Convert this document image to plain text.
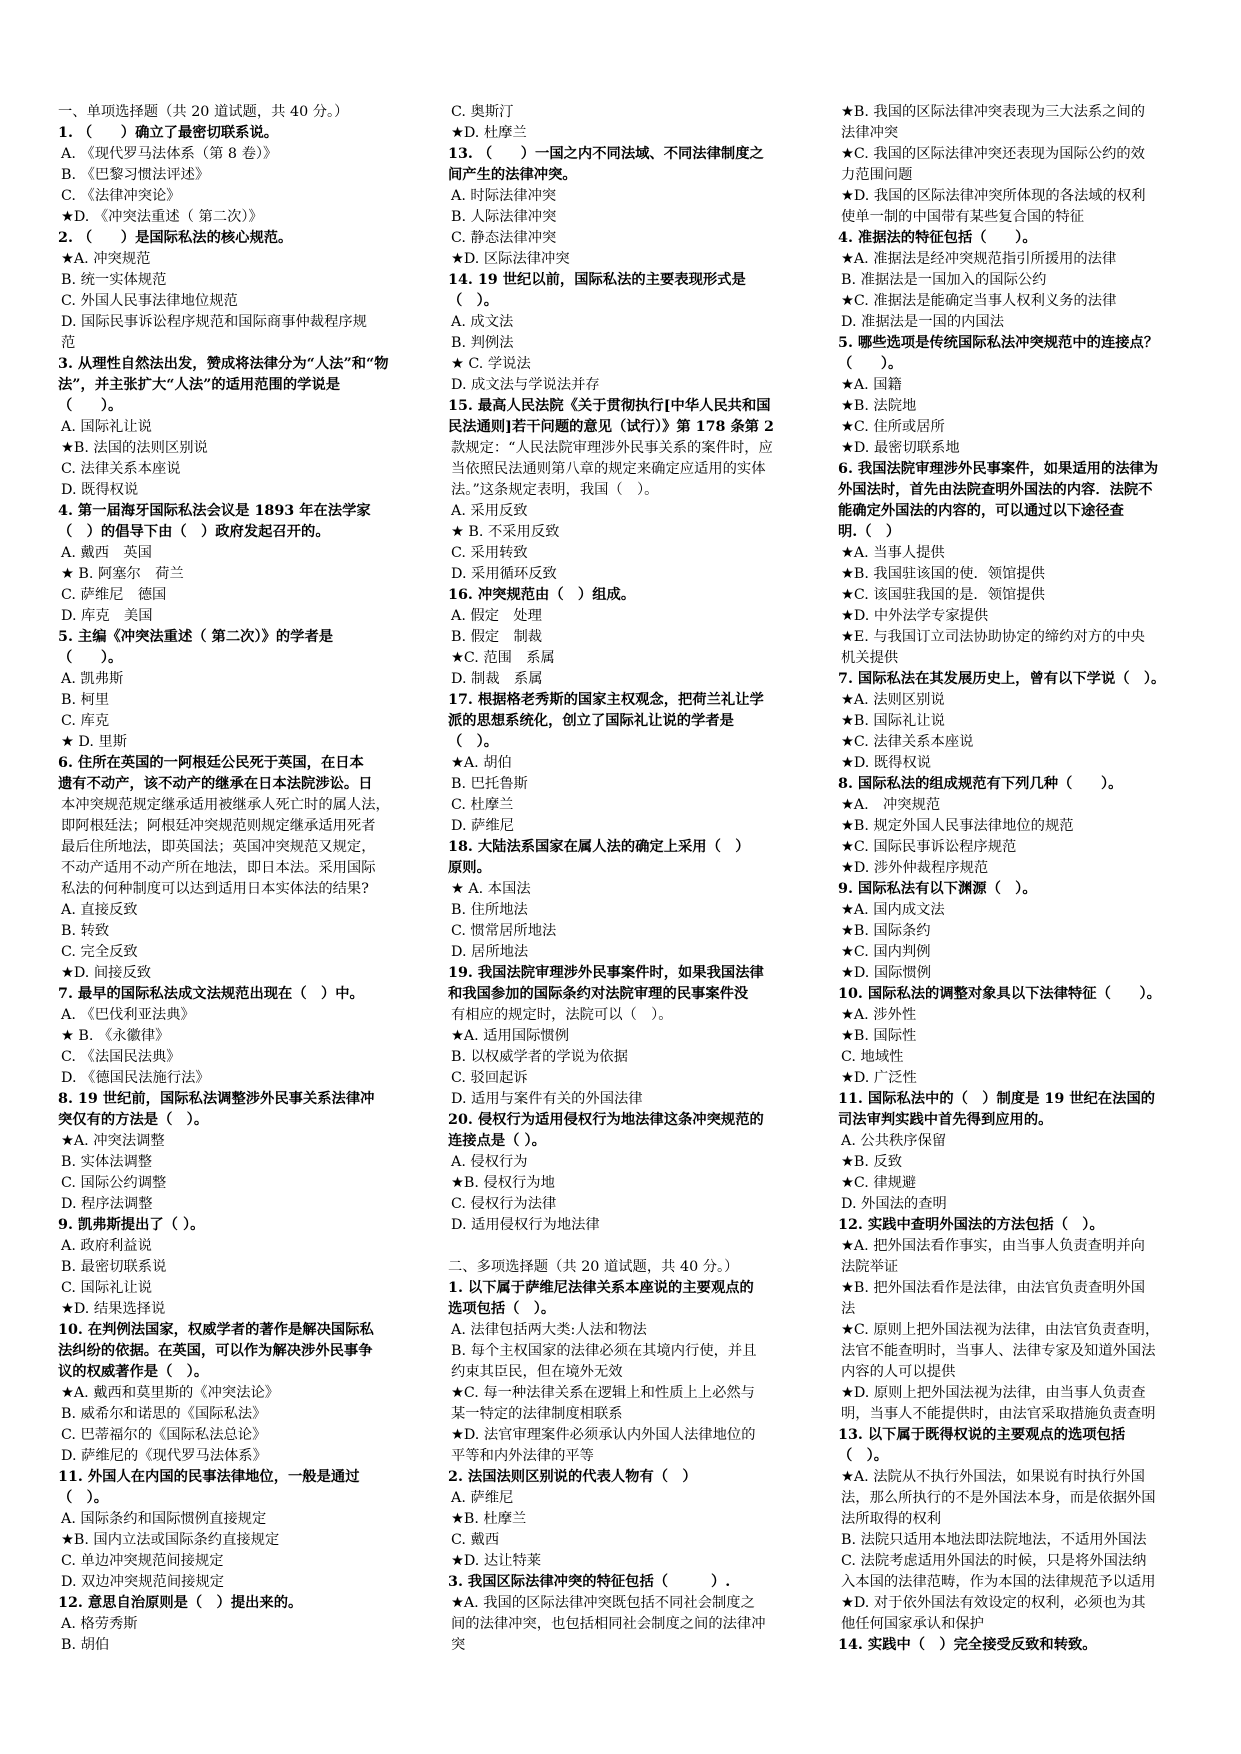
一、单项选择题（共 20 道试题，共 40 分。）
1. （　　）确立了最密切联系说。
A. 《现代罗马法体系（第 8 卷）》
B. 《巴黎习惯法评述》
C. 《法律冲突论》
★D. 《冲突法重述（ 第二次）》
2. （　　）是国际私法的核心规范。
★A. 冲突规范
B. 统一实体规范
C. 外国人民事法律地位规范
D. 国际民事诉讼程序规范和国际商事仲裁程序规
范
3. 从理性自然法出发，赞成将法律分为“人法”和“物
法”，并主张扩大“人法”的适用范围的学说是
（　　）。
A. 国际礼让说
★B. 法国的法则区别说
C. 法律关系本座说
D. 既得权说
4. 第一届海牙国际私法会议是 1893 年在法学家
（　）的倡导下由（　）政府发起召开的。
A. 戴西　英国
★ B. 阿塞尔　荷兰
C. 萨维尼　德国
D. 库克　美国
5. 主编《冲突法重述（ 第二次）》的学者是
（　　）。
A. 凯弗斯
B. 柯里
C. 库克
★ D. 里斯
6. 住所在英国的一阿根廷公民死于英国，在日本
遗有不动产，该不动产的继承在日本法院涉讼。日
本冲突规范规定继承适用被继承人死亡时的属人法，
即阿根廷法；阿根廷冲突规范则规定继承适用死者
最后住所地法，即英国法；英国冲突规范又规定，
不动产适用不动产所在地法，即日本法。采用国际
私法的何种制度可以达到适用日本实体法的结果?
A. 直接反致
B. 转致
C. 完全反致
★D. 间接反致
7. 最早的国际私法成文法规范出现在（　）中。
A. 《巴伐利亚法典》
★ B. 《永徽律》
C. 《法国民法典》
D. 《德国民法施行法》
8. 19 世纪前，国际私法调整涉外民事关系法律冲
突仅有的方法是（　）。
★A. 冲突法调整
B. 实体法调整
C. 国际公约调整
D. 程序法调整
9. 凯弗斯提出了（ ）。
A. 政府利益说
B. 最密切联系说
C. 国际礼让说
★D. 结果选择说
10. 在判例法国家，权威学者的著作是解决国际私
法纠纷的依据。在英国，可以作为解决涉外民事争
议的权威著作是（　）。
★A. 戴西和莫里斯的《冲突法论》
B. 威希尔和诺思的《国际私法》
C. 巴蒂福尔的《国际私法总论》
D. 萨维尼的《现代罗马法体系》
11. 外国人在内国的民事法律地位，一般是通过
（　）。
A. 国际条约和国际惯例直接规定
★B. 国内立法或国际条约直接规定
C. 单边冲突规范间接规定
D. 双边冲突规范间接规定
12. 意思自治原则是（　）提出来的。
A. 格劳秀斯
B. 胡伯
C. 奥斯汀
★D. 杜摩兰
13. （　　）一国之内不同法域、不同法律制度之
间产生的法律冲突。
A. 时际法律冲突
B. 人际法律冲突
C. 静态法律冲突
★D. 区际法律冲突
14. 19 世纪以前，国际私法的主要表现形式是
（　）。
A. 成文法
B. 判例法
★ C. 学说法
D. 成文法与学说法并存
15. 最高人民法院《关于贯彻执行[中华人民共和国
民法通则]若干问题的意见（试行）》第 178 条第 2
款规定：“人民法院审理涉外民事关系的案件时，应
当依照民法通则第八章的规定来确定应适用的实体
法。”这条规定表明，我国（　）。
A. 采用反致
★ B. 不采用反致
C. 采用转致
D. 采用循环反致
16. 冲突规范由（　）组成。
A. 假定　处理
B. 假定　制裁
★C. 范围　系属
D. 制裁　系属
17. 根据格老秀斯的国家主权观念，把荷兰礼让学
派的思想系统化，创立了国际礼让说的学者是
（　）。
★A. 胡伯
B. 巴托鲁斯
C. 杜摩兰
D. 萨维尼
18. 大陆法系国家在属人法的确定上采用（　）
原则。
★ A. 本国法
B. 住所地法
C. 惯常居所地法
D. 居所地法
19. 我国法院审理涉外民事案件时，如果我国法律
和我国参加的国际条约对法院审理的民事案件没
有相应的规定时，法院可以（　）。
★A. 适用国际惯例
B. 以权威学者的学说为依据
C. 驳回起诉
D. 适用与案件有关的外国法律
20. 侵权行为适用侵权行为地法律这条冲突规范的
连接点是（ ）。
A. 侵权行为
★B. 侵权行为地
C. 侵权行为法律
D. 适用侵权行为地法律
二、多项选择题（共 20 道试题，共 40 分。）
1. 以下属于萨维尼法律关系本座说的主要观点的
选项包括（　）。
A. 法律包括两大类:人法和物法
B. 每个主权国家的法律必须在其境内行使，并且
约束其臣民，但在境外无效
★C. 每一种法律关系在逻辑上和性质上上必然与
某一特定的法律制度相联系
★D. 法官审理案件必须承认内外国人法律地位的
平等和内外法律的平等
2. 法国法则区别说的代表人物有（　）
A. 萨维尼
★B. 杜摩兰
C. 戴西
★D. 达让特莱
3. 我国区际法律冲突的特征包括（　　　）.
★A. 我国的区际法律冲突既包括不同社会制度之
间的法律冲突，也包括相同社会制度之间的法律冲
突
★B. 我国的区际法律冲突表现为三大法系之间的
法律冲突
★C. 我国的区际法律冲突还表现为国际公约的效
力范围问题
★D. 我国的区际法律冲突所体现的各法域的权利
使单一制的中国带有某些复合国的特征
4. 准据法的特征包括（　　）。
★A. 准据法是经冲突规范指引所援用的法律
B. 准据法是一国加入的国际公约
★C. 准据法是能确定当事人权利义务的法律
D. 准据法是一国的内国法
5. 哪些选项是传统国际私法冲突规范中的连接点？
（　　）。
★A. 国籍
★B. 法院地
★C. 住所或居所
★D. 最密切联系地
6. 我国法院审理涉外民事案件，如果适用的法律为
外国法时，首先由法院查明外国法的内容．法院不
能确定外国法的内容的，可以通过以下途径查
明.（　）
★A. 当事人提供
★B. 我国驻该国的使．领馆提供
★C. 该国驻我国的是．领馆提供
★D. 中外法学专家提供
★E. 与我国订立司法协助协定的缔约对方的中央
机关提供
7. 国际私法在其发展历史上，曾有以下学说（　）。
★A. 法则区别说
★B. 国际礼让说
★C. 法律关系本座说
★D. 既得权说
8. 国际私法的组成规范有下列几种（　　）。
★A.　冲突规范
★B. 规定外国人民事法律地位的规范
★C. 国际民事诉讼程序规范
★D. 涉外仲裁程序规范
9. 国际私法有以下渊源（　）。
★A. 国内成文法
★B. 国际条约
★C. 国内判例
★D. 国际惯例
10. 国际私法的调整对象具以下法律特征（　　）。
★A. 涉外性
★B. 国际性
C. 地域性
★D. 广泛性
11. 国际私法中的（　）制度是 19 世纪在法国的
司法审判实践中首先得到应用的。
A. 公共秩序保留
★B. 反致
★C. 律规避
D. 外国法的查明
12. 实践中查明外国法的方法包括（　）。
★A. 把外国法看作事实，由当事人负责查明并向
法院举证
★B. 把外国法看作是法律，由法官负责查明外国
法
★C. 原则上把外国法视为法律，由法官负责查明，
法官不能查明时，当事人、法律专家及知道外国法
内容的人可以提供
★D. 原则上把外国法视为法律，由当事人负责查
明，当事人不能提供时，由法官采取措施负责查明
13. 以下属于既得权说的主要观点的选项包括
（　）。
★A. 法院从不执行外国法，如果说有时执行外国
法，那么所执行的不是外国法本身，而是依据外国
法所取得的权利
B. 法院只适用本地法即法院地法，不适用外国法
C. 法院考虑适用外国法的时候，只是将外国法纳
入本国的法律范畴，作为本国的法律规范予以适用
★D. 对于依外国法有效设定的权利，必须也为其
他任何国家承认和保护
14. 实践中（　）完全接受反致和转致。
